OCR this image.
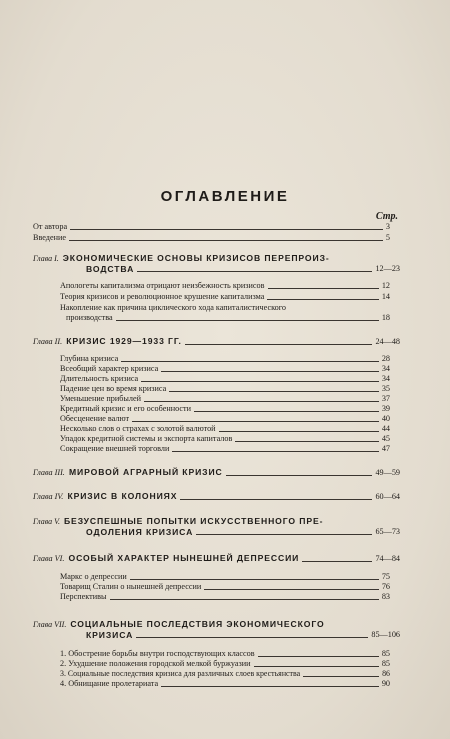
ОГЛАВЛЕНИЕ
Стр.
От автора	3
Введение	5
Глава I. ЭКОНОМИЧЕСКИЕ ОСНОВЫ КРИЗИСОВ ПЕРЕПРОИЗ-
ВОДСТВА	12—23
Апологеты капитализма отрицают неизбежность кризисов	12
Теория кризисов и революционное крушение капитализма	14
Накопление как причина циклического хода капиталистического
производства	18
Глава II. КРИЗИС 1929—1933 ГГ.	24—48
Глубина кризиса	28
Всеобщий характер кризиса	34
Длительность кризиса	34
Падение цен во время кризиса	35
Уменьшение прибылей	37
Кредитный кризис и его особенности	39
Обесценение валют	40
Несколько слов о страхах с золотой валютой	44
Упадок кредитной системы и экспорта капиталов	45
Сокращение внешней торговли	47
Глава III. МИРОВОЙ АГРАРНЫЙ КРИЗИС	49—59
Глава IV. КРИЗИС В КОЛОНИЯХ	60—64
Глава V. БЕЗУСПЕШНЫЕ ПОПЫТКИ ИСКУССТВЕННОГО ПРЕ-
ОДОЛЕНИЯ КРИЗИСА	65—73
Глава VI. ОСОБЫЙ ХАРАКТЕР НЫНЕШНЕЙ ДЕПРЕССИИ	74—84
Маркс о депрессии	75
Товарищ Сталин о нынешней депрессии	76
Перспективы	83
Глава VII. СОЦИАЛЬНЫЕ ПОСЛЕДСТВИЯ ЭКОНОМИЧЕСКОГО
КРИЗИСА	85—106
1. Обострение борьбы внутри господствующих классов	85
2. Ухудшение положения городской мелкой буржуазии	85
3. Социальные последствия кризиса для различных слоев крестьянства	86
4. Обнищание пролетариата	90
